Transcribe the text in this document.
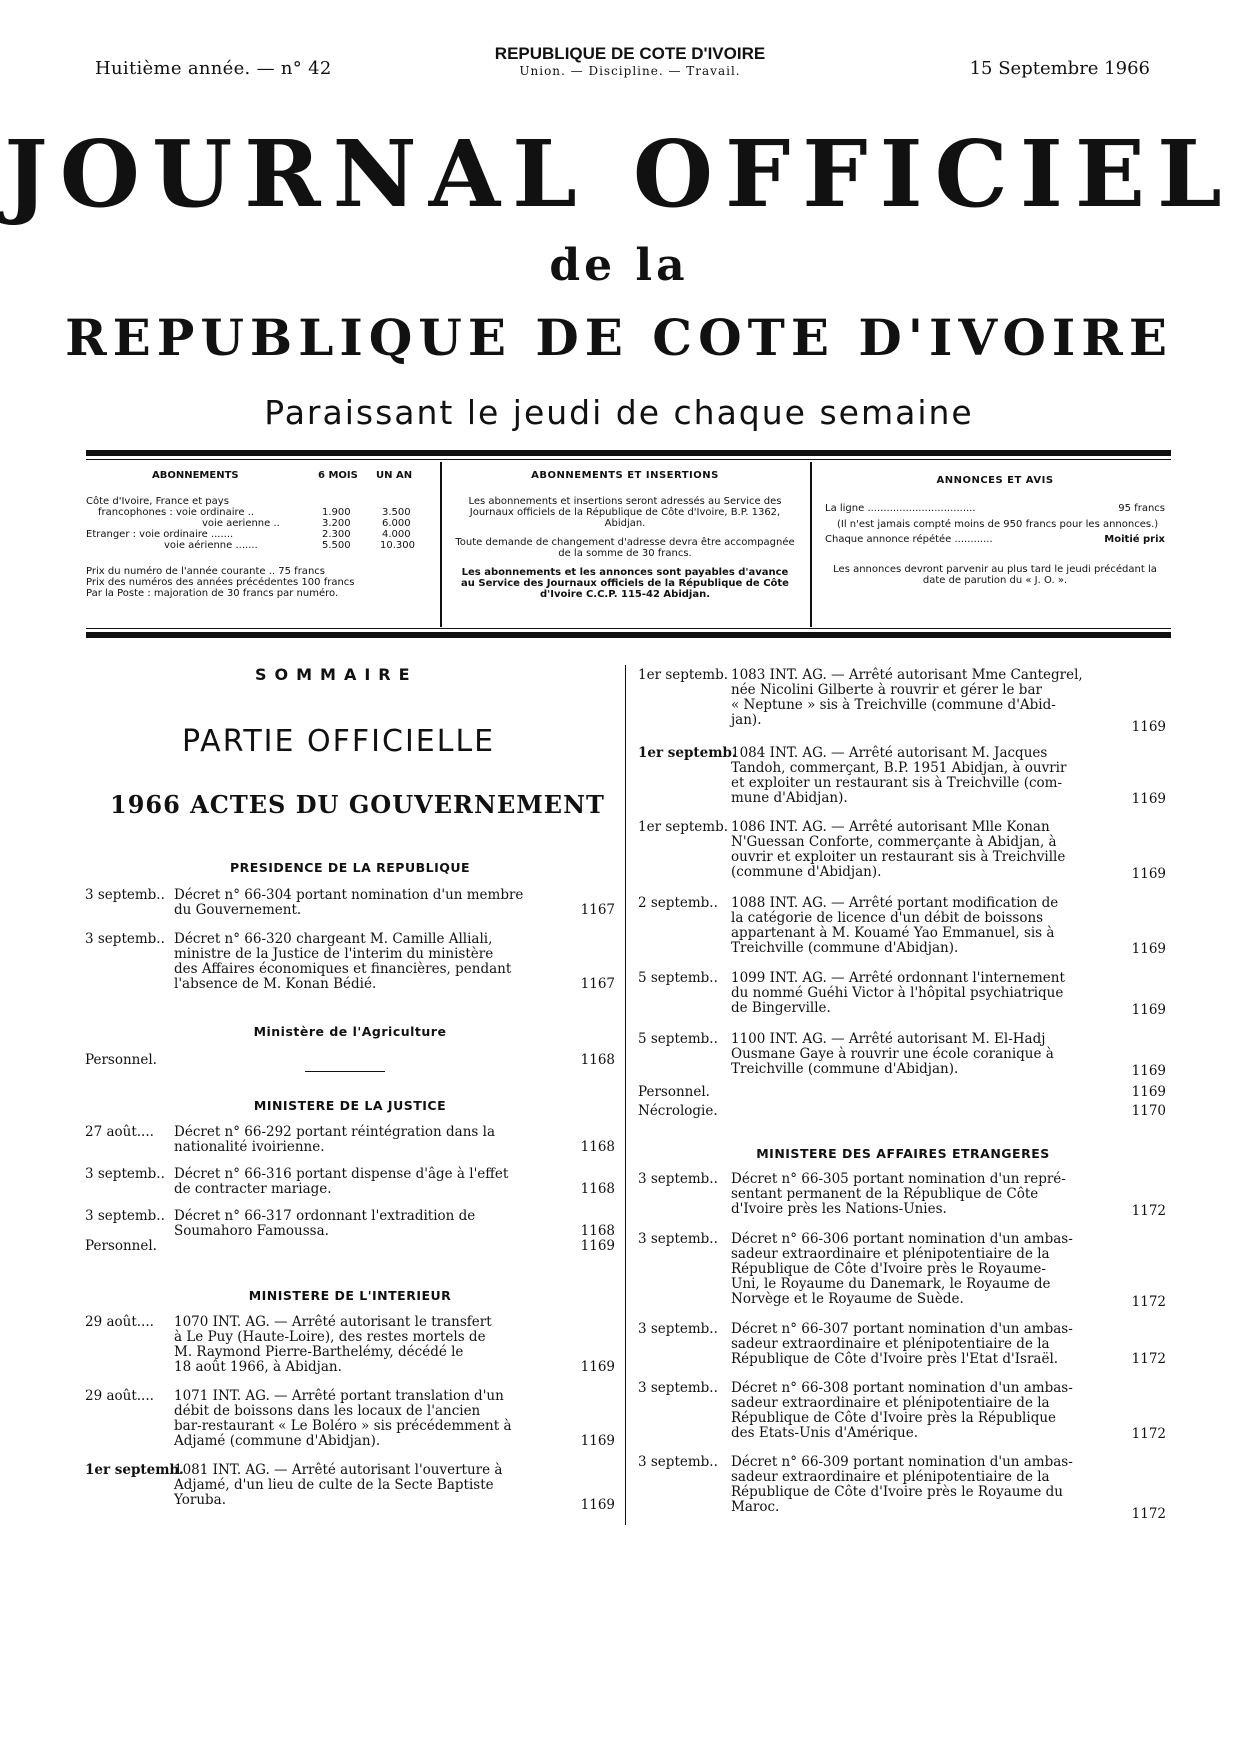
Huitième année. — n° 42
REPUBLIQUE DE COTE D'IVOIRE
Union. — Discipline. — Travail.	15 Septembre 1966
JOURNAL OFFICIEL
de la
REPUBLIQUE DE COTE D'IVOIRE
Paraissant le jeudi de chaque semaine
ABONNEMENTS	6 MOIS UN AN
Côte d'Ivoire, France et pays
francophones : voie ordinaire ..	1.900	3.500
voie aerienne ..	3.200	6.000
Etranger : voie ordinaire .......	2.300	4.000
voie aérienne .......	5.500	10.300
Prix du numéro de l'année courante .. 75 francs
Prix des numéros des années précédentes 100 francs
Par la Poste : majoration de 30 francs par numéro.
ABONNEMENTS ET INSERTIONS
Les abonnements et insertions seront adressés au Service des Journaux officiels de la République de Côte d'Ivoire, B.P. 1362, Abidjan.
Toute demande de changement d'adresse devra être accompagnée de la somme de 30 francs.
Les abonnements et les annonces sont payables d'avance au Service des Journaux officiels de la République de Côte d'Ivoire C.C.P. 115-42 Abidjan.
ANNONCES ET AVIS
La ligne ..................................	95 francs
(Il n'est jamais compté moins de 950 francs pour les annonces.)
Chaque annonce répétée ............	Moitié prix
Les annonces devront parvenir au plus tard le jeudi précédant la date de parution du « J. O. ».
SOMMAIRE
PARTIE OFFICIELLE
1966 ACTES DU GOUVERNEMENT
PRESIDENCE DE LA REPUBLIQUE
3 septemb.. Décret n° 66-304 portant nomination d'un membre
du Gouvernement.	1167
3 septemb.. Décret n° 66-320 chargeant M. Camille Alliali,
ministre de la Justice de l'interim du ministère
des Affaires économiques et financières, pendant
l'absence de M. Konan Bédié.	1167
Ministère de l'Agriculture
Personnel.	1168
MINISTERE DE LA JUSTICE
27 août.... Décret n° 66-292 portant réintégration dans la
nationalité ivoirienne.	1168
3 septemb.. Décret n° 66-316 portant dispense d'âge à l'effet
de contracter mariage.	1168
3 septemb.. Décret n° 66-317 ordonnant l'extradition de
Soumahoro Famoussa.	1168
Personnel.	1169
MINISTERE DE L'INTERIEUR
29 août.... 1070 INT. AG. — Arrêté autorisant le transfert
à Le Puy (Haute-Loire), des restes mortels de
M. Raymond Pierre-Barthelémy, décédé le
18 août 1966, à Abidjan.	1169
29 août.... 1071 INT. AG. — Arrêté portant translation d'un
débit de boissons dans les locaux de l'ancien
bar-restaurant « Le Boléro » sis précédemment à
Adjamé (commune d'Abidjan).	1169
1er septemb.
1081 INT. AG. — Arrêté autorisant l'ouverture à
Adjamé, d'un lieu de culte de la Secte Baptiste
Yoruba.	1169
1er septemb. 1083 INT. AG. — Arrêté autorisant Mme Cantegrel,
née Nicolini Gilberte à rouvrir et gérer le bar
« Neptune » sis à Treichville (commune d'Abid-
jan).	1169
1er septemb.
1084 INT. AG. — Arrêté autorisant M. Jacques
Tandoh, commerçant, B.P. 1951 Abidjan, à ouvrir
et exploiter un restaurant sis à Treichville (com-
mune d'Abidjan).	1169
1er septemb. 1086 INT. AG. — Arrêté autorisant Mlle Konan
N'Guessan Conforte, commerçante à Abidjan, à
ouvrir et exploiter un restaurant sis à Treichville
(commune d'Abidjan).	1169
2 septemb.. 1088 INT. AG. — Arrêté portant modification de
la catégorie de licence d'un débit de boissons
appartenant à M. Kouamé Yao Emmanuel, sis à
Treichville (commune d'Abidjan).	1169
5 septemb.. 1099 INT. AG. — Arrêté ordonnant l'internement
du nommé Guéhi Victor à l'hôpital psychiatrique
de Bingerville.	1169
5 septemb.. 1100 INT. AG. — Arrêté autorisant M. El-Hadj
Ousmane Gaye à rouvrir une école coranique à
Treichville (commune d'Abidjan).	1169
Personnel.	1169
Nécrologie.	1170
MINISTERE DES AFFAIRES ETRANGERES
3 septemb.. Décret n° 66-305 portant nomination d'un repré-
sentant permanent de la République de Côte
d'Ivoire près les Nations-Unies.	1172
3 septemb.. Décret n° 66-306 portant nomination d'un ambas-
sadeur extraordinaire et plénipotentiaire de la
République de Côte d'Ivoire près le Royaume-
Uni, le Royaume du Danemark, le Royaume de
Norvège et le Royaume de Suède.	1172
3 septemb.. Décret n° 66-307 portant nomination d'un ambas-
sadeur extraordinaire et plénipotentiaire de la
République de Côte d'Ivoire près l'Etat d'Israël.	1172
3 septemb.. Décret n° 66-308 portant nomination d'un ambas-
sadeur extraordinaire et plénipotentiaire de la
République de Côte d'Ivoire près la République
des Etats-Unis d'Amérique.	1172
3 septemb.. Décret n° 66-309 portant nomination d'un ambas-
sadeur extraordinaire et plénipotentiaire de la
République de Côte d'Ivoire près le Royaume du
Maroc.	1172
